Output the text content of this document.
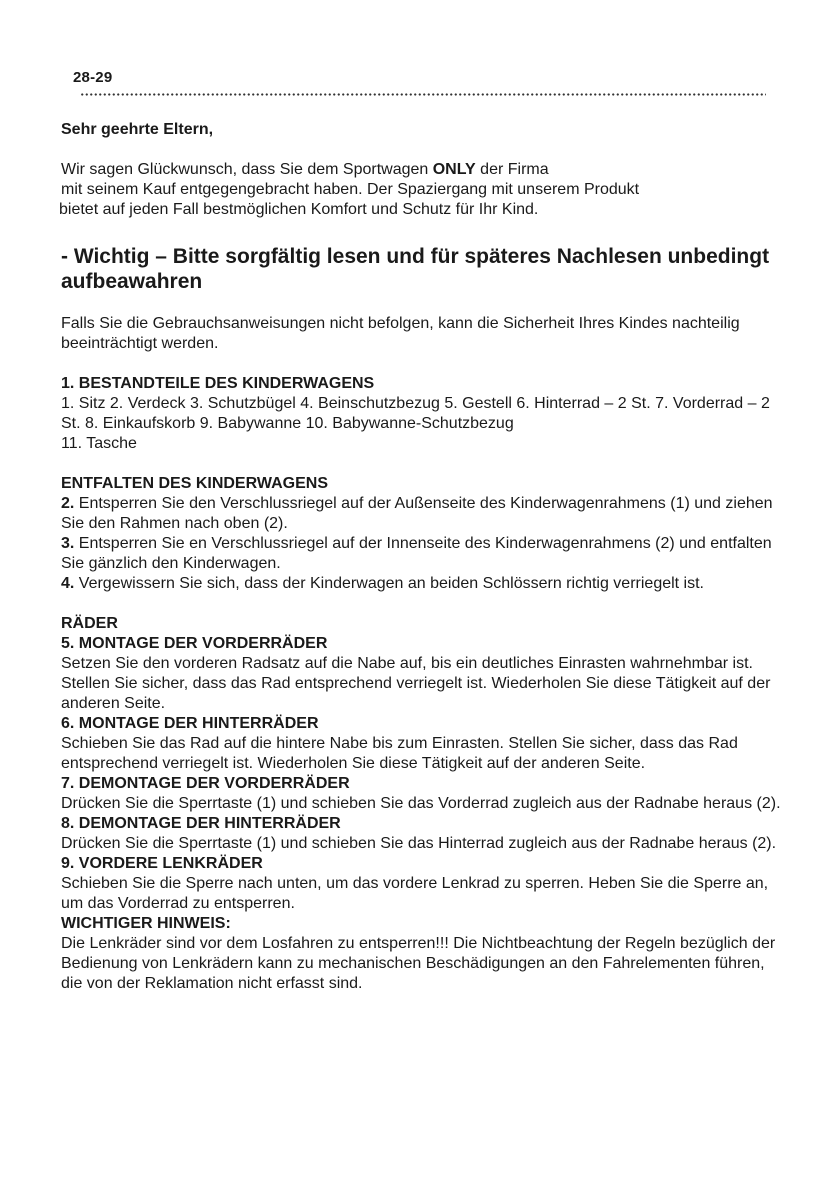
28-29

Sehr geehrte Eltern,

Wir sagen Glückwunsch, dass Sie dem Sportwagen ONLY der Firma
mit seinem Kauf entgegengebracht haben. Der Spaziergang mit unserem Produkt
bietet auf jeden Fall bestmöglichen Komfort und Schutz für Ihr Kind.

- Wichtig – Bitte sorgfältig lesen und für späteres Nachlesen unbedingt aufbeawahren

Falls Sie die Gebrauchsanweisungen nicht befolgen, kann die Sicherheit Ihres Kindes nachteilig beeinträchtigt werden.

1. BESTANDTEILE DES KINDERWAGENS

1. Sitz 2. Verdeck 3. Schutzbügel 4. Beinschutzbezug 5. Gestell 6. Hinterrad – 2 St. 7. Vorderrad – 2 St. 8. Einkaufskorb 9. Babywanne 10. Babywanne-Schutzbezug

11. Tasche

ENTFALTEN DES KINDERWAGENS

2. Entsperren Sie den Verschlussriegel auf der Außenseite des Kinderwagenrahmens (1) und ziehen Sie den Rahmen nach oben (2).

3. Entsperren Sie en Verschlussriegel auf der Innenseite des Kinderwagenrahmens (2) und entfalten Sie gänzlich den Kinderwagen.

4. Vergewissern Sie sich, dass der Kinderwagen an beiden Schlössern richtig verriegelt ist.

RÄDER

5. MONTAGE DER VORDERRÄDER

Setzen Sie den vorderen Radsatz auf die Nabe auf, bis ein deutliches Einrasten wahrnehmbar ist. Stellen Sie sicher, dass das Rad entsprechend verriegelt ist. Wiederholen Sie diese Tätigkeit auf der anderen Seite.

6. MONTAGE DER HINTERRÄDER

Schieben Sie das Rad auf die hintere Nabe bis zum Einrasten. Stellen Sie sicher, dass das Rad entsprechend verriegelt ist. Wiederholen Sie diese Tätigkeit auf der anderen Seite.

7. DEMONTAGE DER VORDERRÄDER

Drücken Sie die Sperrtaste (1) und schieben Sie das Vorderrad zugleich aus der Radnabe heraus (2).

8. DEMONTAGE DER HINTERRÄDER

Drücken Sie die Sperrtaste (1) und schieben Sie das Hinterrad zugleich aus der Radnabe heraus (2).

9. VORDERE LENKRÄDER

Schieben Sie die Sperre nach unten, um das vordere Lenkrad zu sperren. Heben Sie die Sperre an, um das Vorderrad zu entsperren.

WICHTIGER HINWEIS:

Die Lenkräder sind vor dem Losfahren zu entsperren!!! Die Nichtbeachtung der Regeln bezüglich der Bedienung von Lenkrädern kann zu mechanischen Beschädigungen an den Fahrelementen führen, die von der Reklamation nicht erfasst sind.
